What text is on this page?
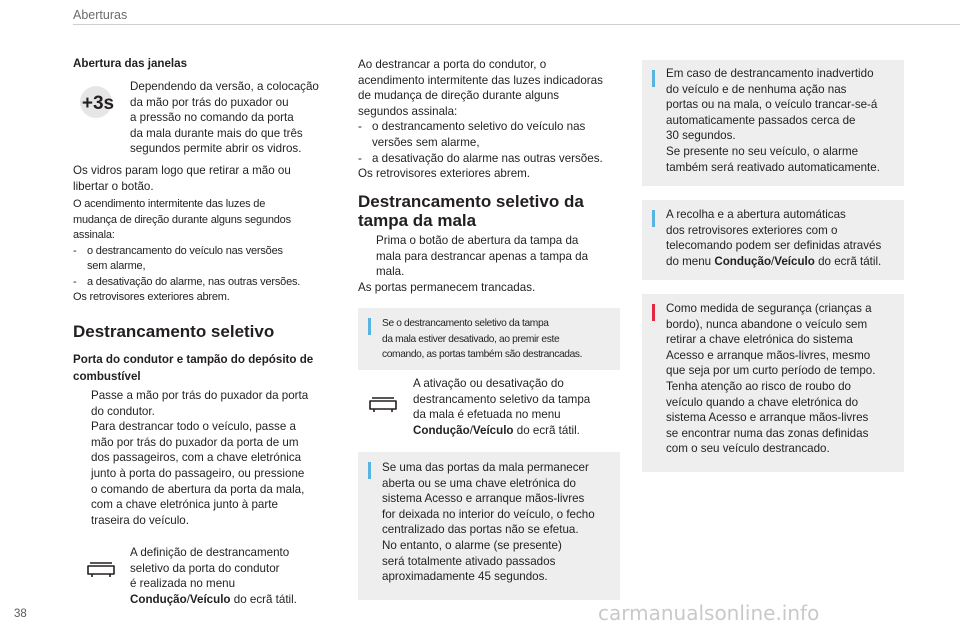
Aberturas
Abertura das janelas
+3s
Dependendo da versão, a colocação
da mão por trás do puxador ou
a pressão no comando da porta
da mala durante mais do que três
segundos permite abrir os vidros.
Os vidros param logo que retirar a mão ou
libertar o botão.
O acendimento intermitente das luzes de
mudança de direção durante alguns segundos
assinala:
- o destrancamento do veículo nas versões
sem alarme,
- a desativação do alarme, nas outras versões.
Os retrovisores exteriores abrem.
Destrancamento seletivo
Porta do condutor e tampão do depósito de
combustível
Passe a mão por trás do puxador da porta
do condutor.
Para destrancar todo o veículo, passe a
mão por trás do puxador da porta de um
dos passageiros, com a chave eletrónica
junto à porta do passageiro, ou pressione
o comando de abertura da porta da mala,
com a chave eletrónica junto à parte
traseira do veículo.
A definição de destrancamento
seletivo da porta do condutor
é realizada no menu
Condução/Veículo do ecrã tátil.
Ao destrancar a porta do condutor, o
acendimento intermitente das luzes indicadoras
de mudança de direção durante alguns
segundos assinala:
- o destrancamento seletivo do veículo nas
versões sem alarme,
- a desativação do alarme nas outras versões.
Os retrovisores exteriores abrem.
Destrancamento seletivo da
tampa da mala
Prima o botão de abertura da tampa da
mala para destrancar apenas a tampa da
mala.
As portas permanecem trancadas.
Se o destrancamento seletivo da tampa
da mala estiver desativado, ao premir este
comando, as portas também são destrancadas.
A ativação ou desativação do
destrancamento seletivo da tampa
da mala é efetuada no menu
Condução/Veículo do ecrã tátil.
Se uma das portas da mala permanecer
aberta ou se uma chave eletrónica do
sistema Acesso e arranque mãos-livres
for deixada no interior do veículo, o fecho
centralizado das portas não se efetua.
No entanto, o alarme (se presente)
será totalmente ativado passados
aproximadamente 45 segundos.
Em caso de destrancamento inadvertido
do veículo e de nenhuma ação nas
portas ou na mala, o veículo trancar-se-á
automaticamente passados cerca de
30 segundos.
Se presente no seu veículo, o alarme
também será reativado automaticamente.
A recolha e a abertura automáticas
dos retrovisores exteriores com o
telecomando podem ser definidas através
do menu Condução/Veículo do ecrã tátil.
Como medida de segurança (crianças a
bordo), nunca abandone o veículo sem
retirar a chave eletrónica do sistema
Acesso e arranque mãos-livres, mesmo
que seja por um curto período de tempo.
Tenha atenção ao risco de roubo do
veículo quando a chave eletrónica do
sistema Acesso e arranque mãos-livres
se encontrar numa das zonas definidas
com o seu veículo destrancado.
38	carmanualsonline.info
